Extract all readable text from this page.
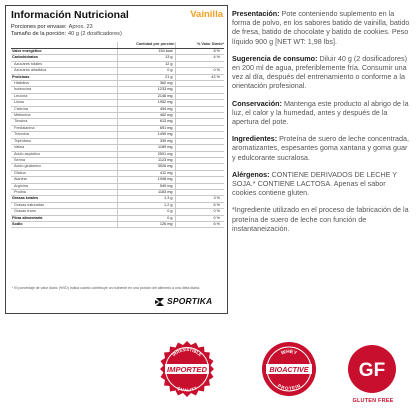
Información Nutricional	Vainilla
Porciones por envase: Aprox. 23
Tamaño de la porción: 40 g (2 dosificadores)
	Cantidad por porción	% Valor Diario*
Valor energético	154 kcal	8 %
Carbohidratos	13 g	4 %
Azúcares totales	12 g	
Azúcares añadidos	0 g	0 %
Proteínas	21 g	42 %
Histidina	362 mg	
Isoleucina	1233 mg	
Leucina	2146 mg	
Lisina	1952 mg	
Cisteína	454 mg	
Metionina	462 mg	
Tirosina	613 mg	
Fenilalanina	691 mg	
Treonina	1490 mg	
Triptófano	339 mg	
Valina	1189 mg	
Ácido aspártico	2501 mg	
Serina	1123 mg	
Ácido glutámico	3926 mg	
Glicina	412 mg	
Alanina	1008 mg	
Arginina	549 mg	
Prolina	1183 mg	
Grasas totales	1,3 g	3 %
Grasas saturadas	1,2 g	6 %
Grasas trans	0 g	0 %
Fibra alimentaria	0 g	0 %
Sodio	126 mg	6 %
* El porcentaje de valor diario (%VD) indica cuánto contribuye un nutriente en una porción del alimento a una dieta diaria.
SPORTIKA

Presentación: Pote conteniendo suplemento en la forma de polvo, en los sabores batido de vainilla, batido de fresa, batido de chocolate y batido de cookies. Peso líquido 900 g [NET WT: 1,98 lbs].

Sugerencia de consumo: Diluir 40 g (2 dosificadores) en 200 ml de agua, preferiblemente fría. Consumir una vez al día, después del entrenamiento o conforme a la orientación profesional.

Conservación: Mantenga este producto al abrigo de la luz, el calor y la humedad, antes y después de la apertura del pote.

Ingredientes: Proteína de suero de leche concentrada, aromatizantes, espesantes goma xantana y goma guar y edulcorante sucralosa.

Alérgenos: CONTIENE DERIVADOS DE LECHE Y SOJA.* CONTIENE LACTOSA. Apenas el sabor cookies contiene gluten.

*Ingrediente utilizado en el proceso de fabricación de la proteína de suero de leche con función de instantaneización.

IRRESISTIBLE
QUALITY
IMPORTED
WHEY
PROTEIN
BIOACTIVE	GF
GLUTEN FREE
